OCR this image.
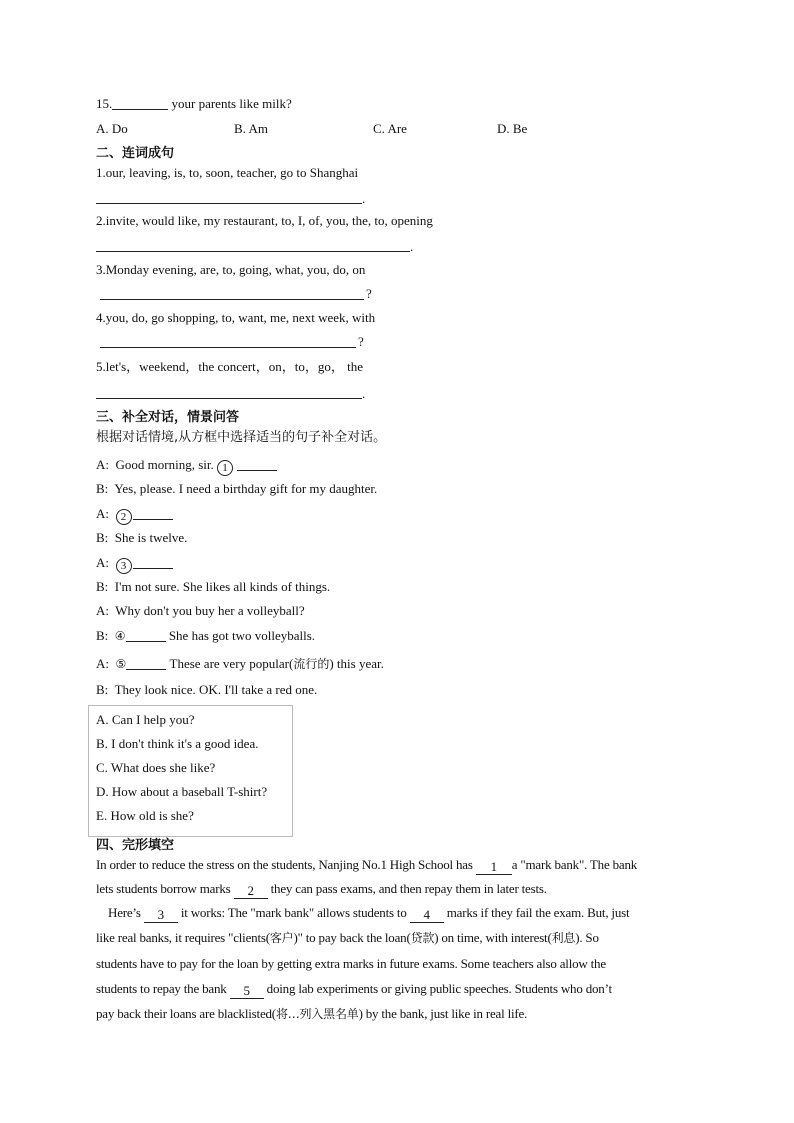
15.	your parents like milk?
A. Do	B. Am	C. Are	D. Be
二、连词成句
1.our, leaving, is, to, soon, teacher, go to Shanghai
.
2.invite, would like, my restaurant, to, I, of, you, the, to, opening
.
3.Monday evening, are, to, going, what, you, do, on
?
4.you, do, go shopping, to, want, me, next week, with
?
5.let's，weekend，the concert，on，to，go， the
.
三、补全对话，情景问答
根据对话情境,从方框中选择适当的句子补全对话。
A: Good morning, sir. 1
B: Yes, please. I need a birthday gift for my daughter.
A: 2
B: She is twelve.
A: 3
B: I'm not sure. She likes all kinds of things.
A: Why don't you buy her a volleyball?
B: ④	She has got two volleyballs.
A: ⑤	These are very popular(流行的) this year.
B: They look nice. OK. I'll take a red one.
A. Can I help you?
B. I don't think it's a good idea.
C. What does she like?
D. How about a baseball T-shirt?
E. How old is she?
四、完形填空
In order to reduce the stress on the students, Nanjing No.1 High School has 1 a "mark bank". The bank
lets students borrow marks 2 they can pass exams, and then repay them in later tests.
Here’s 3 it works: The "mark bank" allows students to 4 marks if they fail the exam. But, just
like real banks, it requires "clients(客户)" to pay back the loan(贷款) on time, with interest(利息). So
students have to pay for the loan by getting extra marks in future exams. Some teachers also allow the
students to repay the bank 5 doing lab experiments or giving public speeches. Students who don’t
pay back their loans are blacklisted(将…列入黑名单) by the bank, just like in real life.
